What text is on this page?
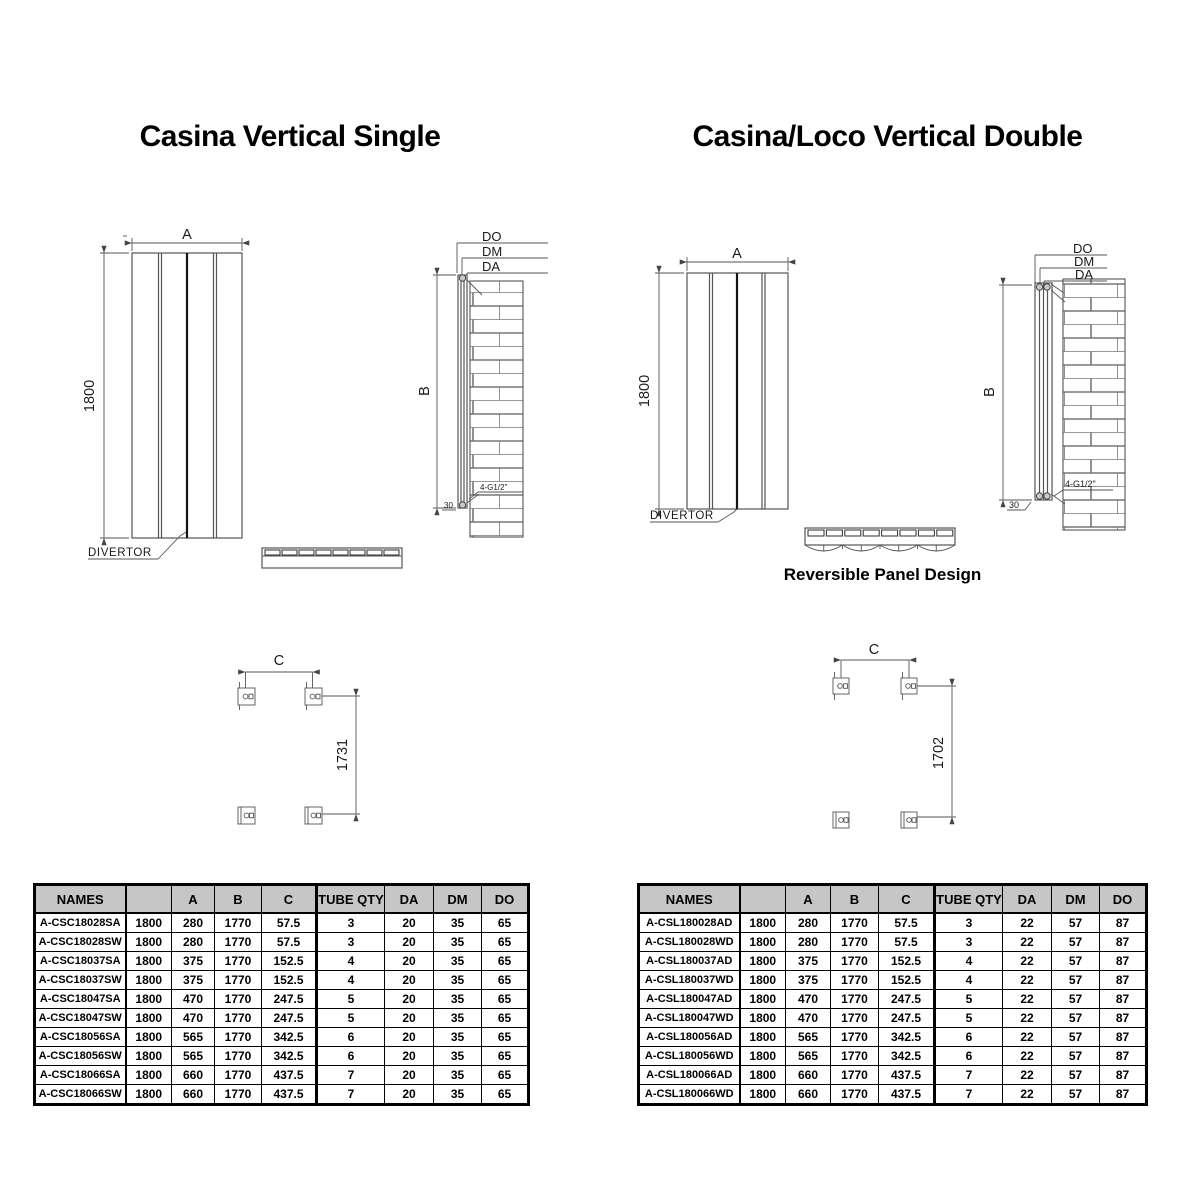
Casina Vertical Single	Casina/Loco Vertical Double
A
1800
DIVERTOR
DO
DM
DA
B
4-G1/2"
30
C
1731
A
1800
DIVERTOR
Reversible Panel Design
DO
DM
DA
B
4-G1/2"
30
C
1702
NAMES		A	B	C	TUBE QTY	DA	DM	DO
A-CSC18028SA	1800	280	1770	57.5	3	20	35	65
A-CSC18028SW	1800	280	1770	57.5	3	20	35	65
A-CSC18037SA	1800	375	1770	152.5	4	20	35	65
A-CSC18037SW	1800	375	1770	152.5	4	20	35	65
A-CSC18047SA	1800	470	1770	247.5	5	20	35	65
A-CSC18047SW	1800	470	1770	247.5	5	20	35	65
A-CSC18056SA	1800	565	1770	342.5	6	20	35	65
A-CSC18056SW	1800	565	1770	342.5	6	20	35	65
A-CSC18066SA	1800	660	1770	437.5	7	20	35	65
A-CSC18066SW	1800	660	1770	437.5	7	20	35	65
NAMES		A	B	C	TUBE QTY	DA	DM	DO
A-CSL180028AD	1800	280	1770	57.5	3	22	57	87
A-CSL180028WD	1800	280	1770	57.5	3	22	57	87
A-CSL180037AD	1800	375	1770	152.5	4	22	57	87
A-CSL180037WD	1800	375	1770	152.5	4	22	57	87
A-CSL180047AD	1800	470	1770	247.5	5	22	57	87
A-CSL180047WD	1800	470	1770	247.5	5	22	57	87
A-CSL180056AD	1800	565	1770	342.5	6	22	57	87
A-CSL180056WD	1800	565	1770	342.5	6	22	57	87
A-CSL180066AD	1800	660	1770	437.5	7	22	57	87
A-CSL180066WD	1800	660	1770	437.5	7	22	57	87
